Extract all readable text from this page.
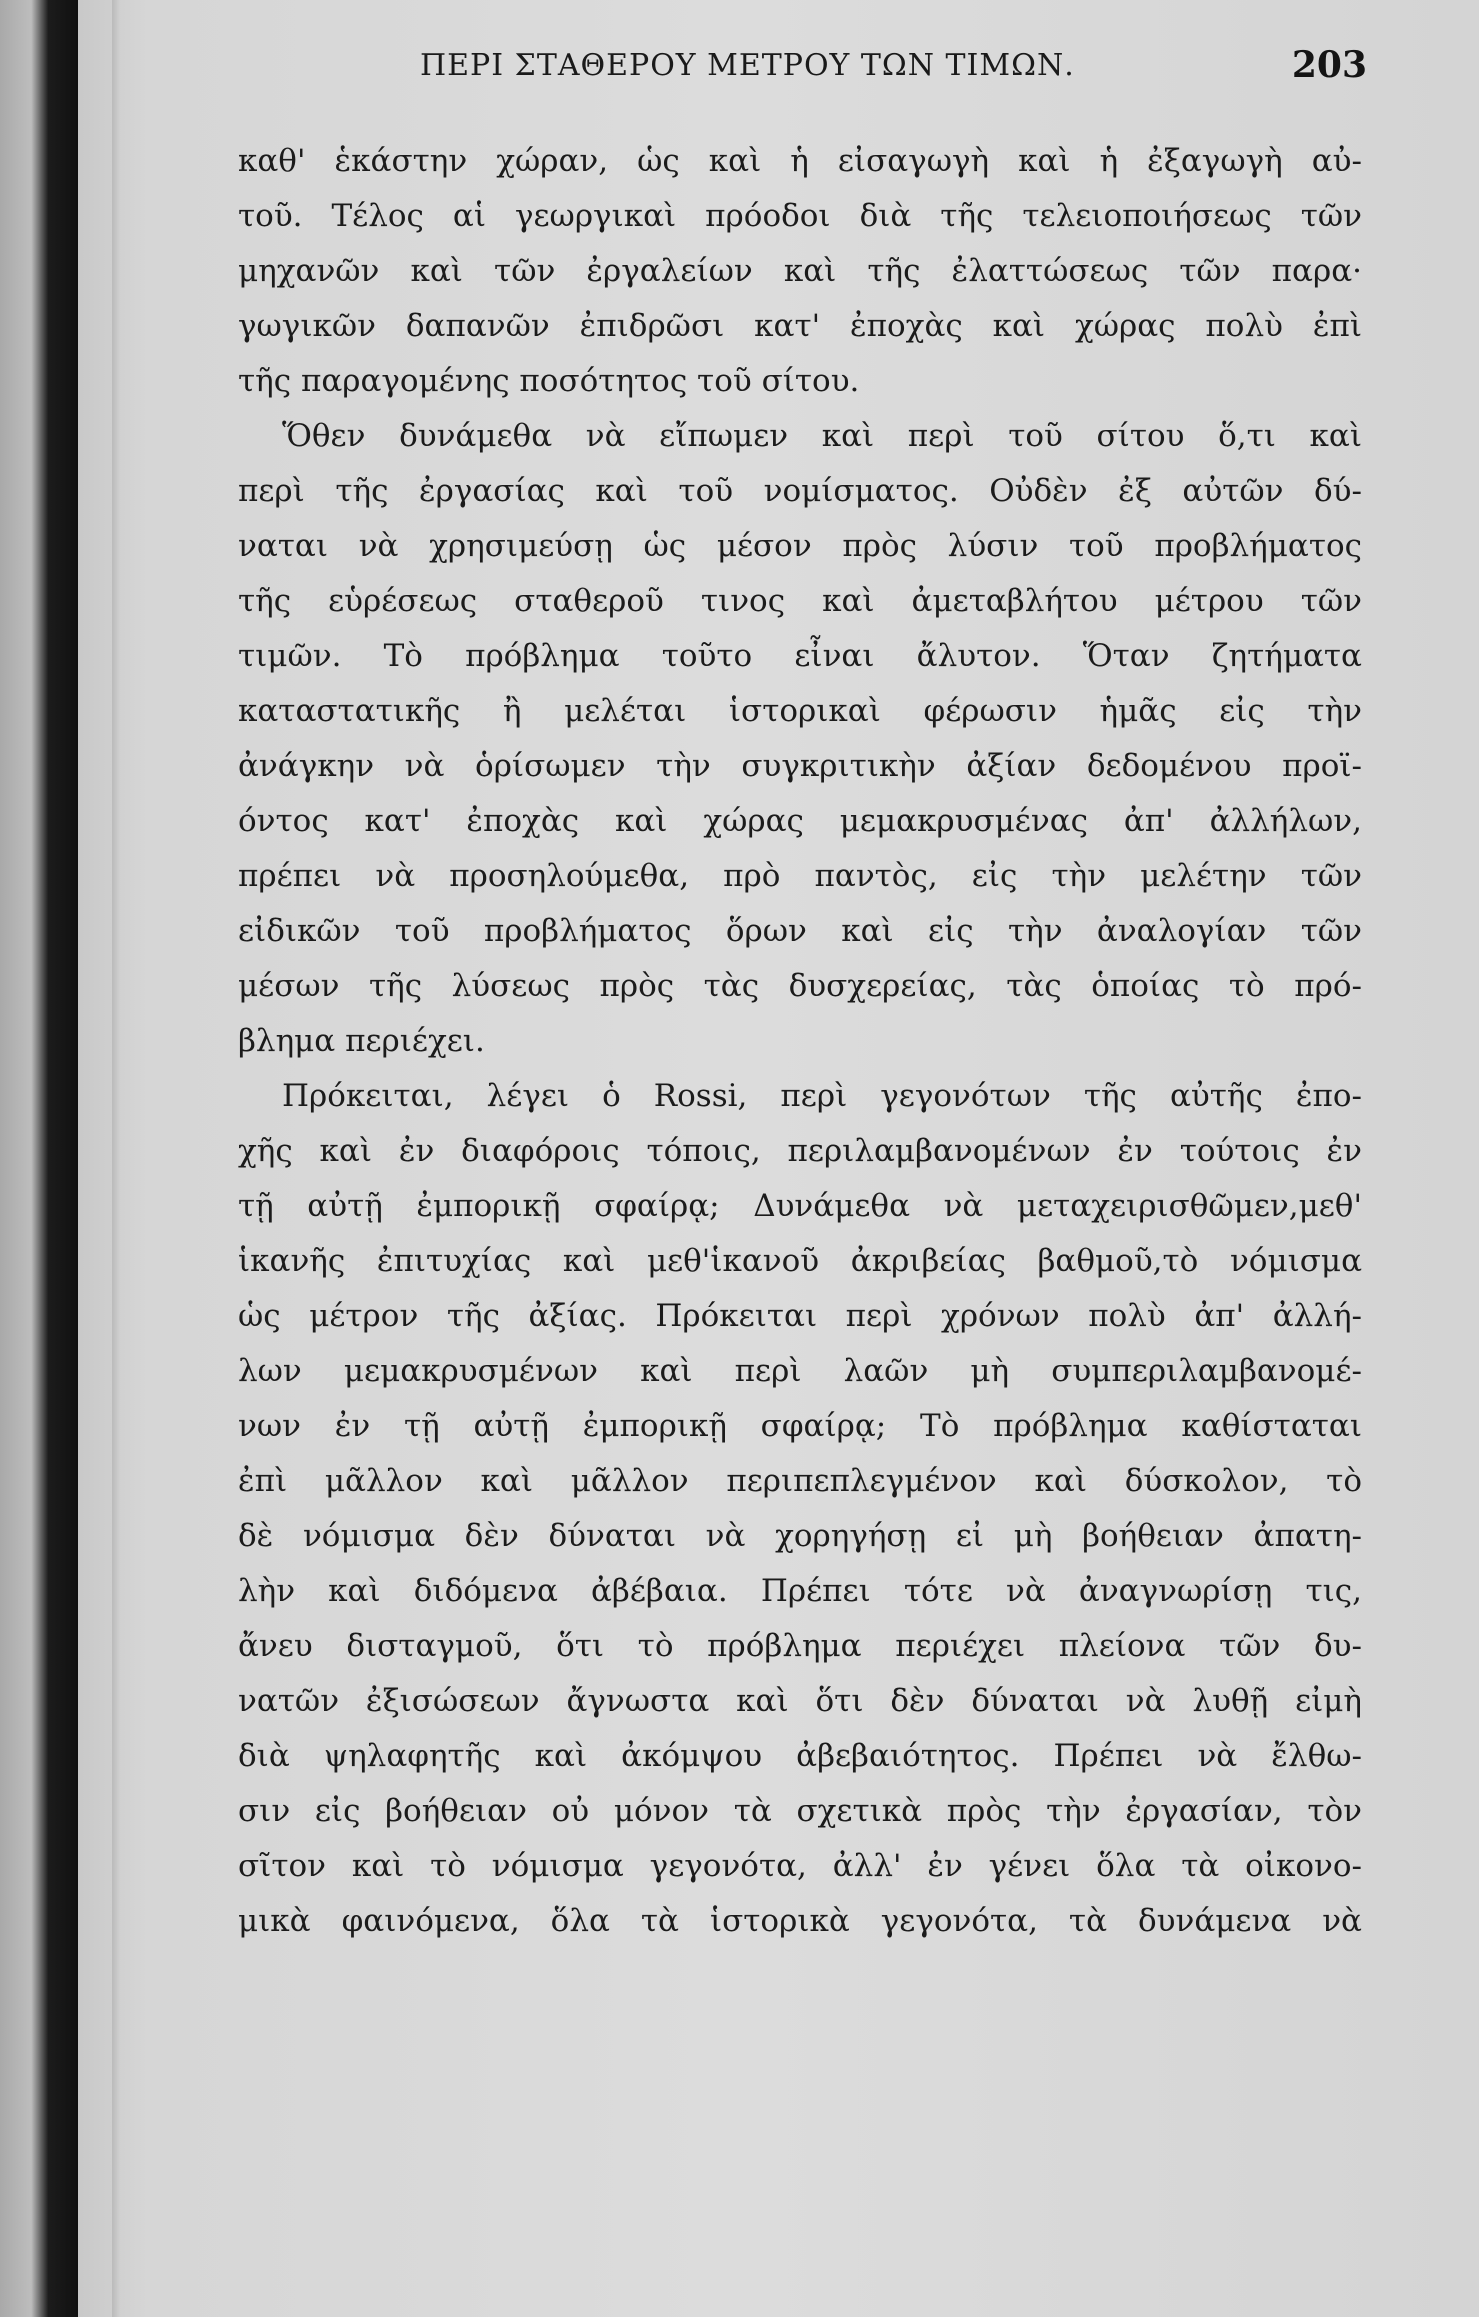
ΠΕΡΙ ΣΤΑΘΕΡΟΥ ΜΕΤΡΟΥ ΤΩΝ ΤΙΜΩΝ.	203
καθ' ἑκάστην χώραν, ὡς καὶ ἡ εἰσαγωγὴ καὶ ἡ ἐξαγωγὴ αὐ-
τοῦ. Τέλος αἱ γεωργικαὶ πρόοδοι διὰ τῆς τελειοποιήσεως τῶν
μηχανῶν καὶ τῶν ἐργαλείων καὶ τῆς ἐλαττώσεως τῶν παρα·
γωγικῶν δαπανῶν ἐπιδρῶσι κατ' ἐποχὰς καὶ χώρας πολὺ ἐπὶ
τῆς παραγομένης ποσότητος τοῦ σίτου.
Ὅθεν δυνάμεθα νὰ εἴπωμεν καὶ περὶ τοῦ σίτου ὅ,τι καὶ
περὶ τῆς ἐργασίας καὶ τοῦ νομίσματος. Οὐδὲν ἐξ αὐτῶν δύ-
ναται νὰ χρησιμεύσῃ ὡς μέσον πρὸς λύσιν τοῦ προβλήματος
τῆς εὑρέσεως σταθεροῦ τινος καὶ ἀμεταβλήτου μέτρου τῶν
τιμῶν. Τὸ πρόβλημα τοῦτο εἶναι ἄλυτον. Ὅταν ζητήματα
καταστατικῆς ἢ μελέται ἱστορικαὶ φέρωσιν ἡμᾶς εἰς τὴν
ἀνάγκην νὰ ὁρίσωμεν τὴν συγκριτικὴν ἀξίαν δεδομένου προϊ-
όντος κατ' ἐποχὰς καὶ χώρας μεμακρυσμένας ἀπ' ἀλλήλων,
πρέπει νὰ προσηλούμεθα, πρὸ παντὸς, εἰς τὴν μελέτην τῶν
εἰδικῶν τοῦ προβλήματος ὅρων καὶ εἰς τὴν ἀναλογίαν τῶν
μέσων τῆς λύσεως πρὸς τὰς δυσχερείας, τὰς ὁποίας τὸ πρό-
βλημα περιέχει.
Πρόκειται, λέγει ὁ Rossi, περὶ γεγονότων τῆς αὐτῆς ἐπο-
χῆς καὶ ἐν διαφόροις τόποις, περιλαμβανομένων ἐν τούτοις ἐν
τῇ αὐτῇ ἐμπορικῇ σφαίρᾳ; Δυνάμεθα νὰ μεταχειρισθῶμεν,μεθ'
ἱκανῆς ἐπιτυχίας καὶ μεθ'ἱκανοῦ ἀκριβείας βαθμοῦ,τὸ νόμισμα
ὡς μέτρον τῆς ἀξίας. Πρόκειται περὶ χρόνων πολὺ ἀπ' ἀλλή-
λων μεμακρυσμένων καὶ περὶ λαῶν μὴ συμπεριλαμβανομέ-
νων ἐν τῇ αὐτῇ ἐμπορικῇ σφαίρᾳ; Τὸ πρόβλημα καθίσταται
ἐπὶ μᾶλλον καὶ μᾶλλον περιπεπλεγμένον καὶ δύσκολον, τὸ
δὲ νόμισμα δὲν δύναται νὰ χορηγήσῃ εἰ μὴ βοήθειαν ἀπατη-
λὴν καὶ διδόμενα ἀβέβαια. Πρέπει τότε νὰ ἀναγνωρίσῃ τις,
ἄνευ δισταγμοῦ, ὅτι τὸ πρόβλημα περιέχει πλείονα τῶν δυ-
νατῶν ἐξισώσεων ἄγνωστα καὶ ὅτι δὲν δύναται νὰ λυθῇ εἰμὴ
διὰ ψηλαφητῆς καὶ ἀκόμψου ἀβεβαιότητος. Πρέπει νὰ ἔλθω-
σιν εἰς βοήθειαν οὐ μόνον τὰ σχετικὰ πρὸς τὴν ἐργασίαν, τὸν
σῖτον καὶ τὸ νόμισμα γεγονότα, ἀλλ' ἐν γένει ὅλα τὰ οἰκονο-
μικὰ φαινόμενα, ὅλα τὰ ἱστορικὰ γεγονότα, τὰ δυνάμενα νὰ
